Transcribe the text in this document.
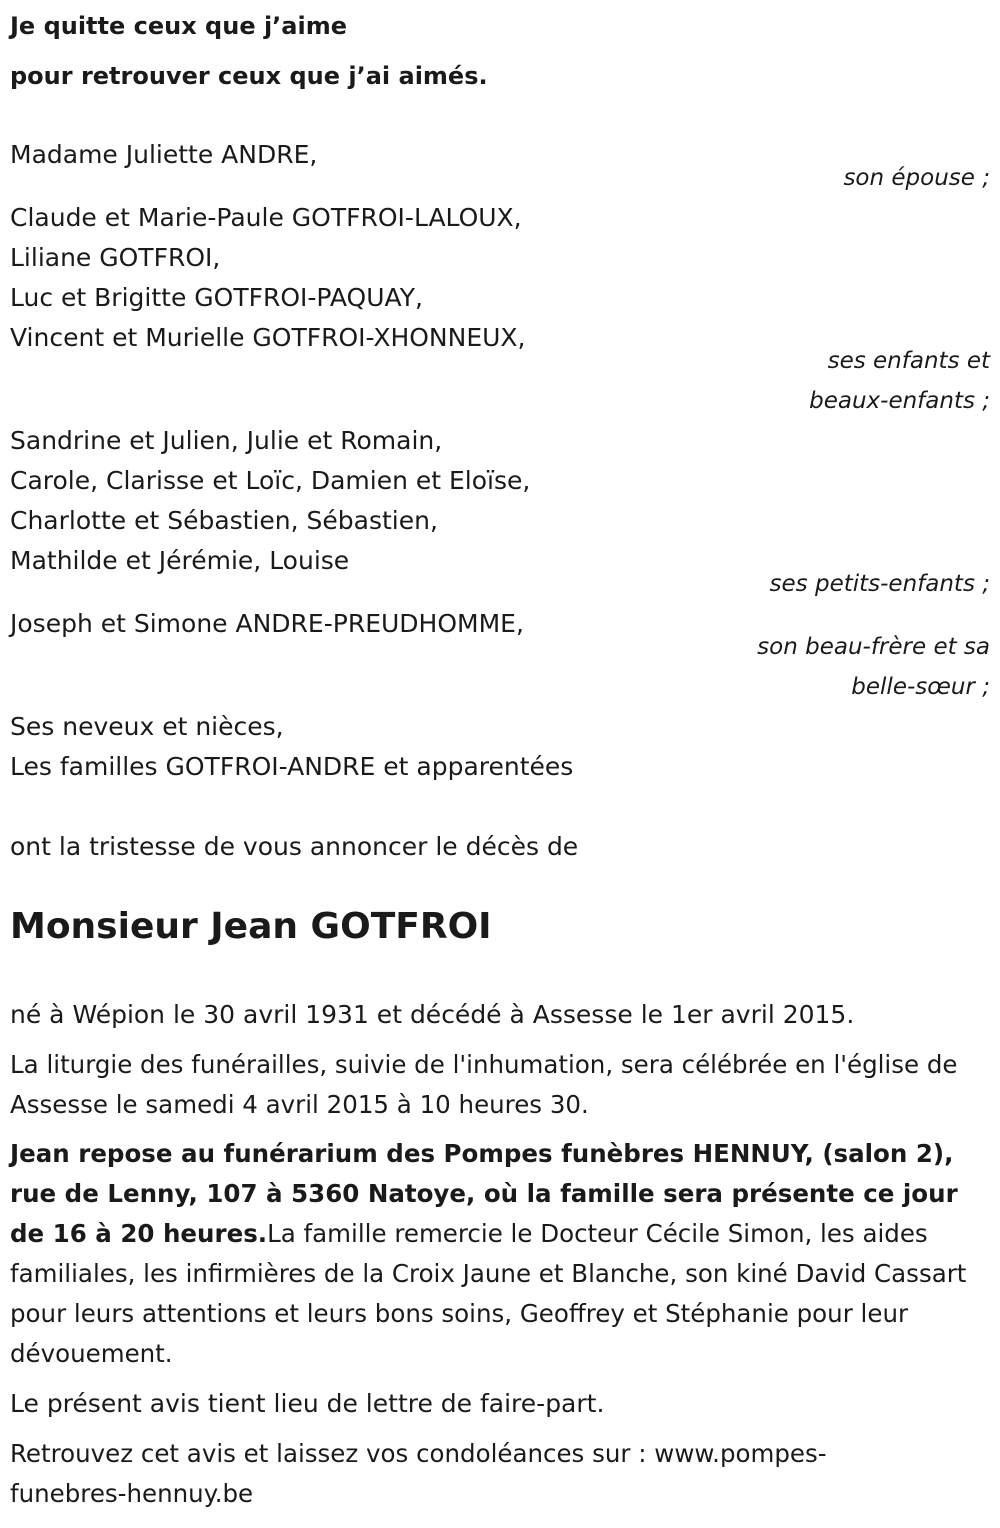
Je quitte ceux que j’aime
pour retrouver ceux que j’ai aimés.
Madame Juliette ANDRE,
son épouse ;
Claude et Marie-Paule GOTFROI-LALOUX,
Liliane GOTFROI,
Luc et Brigitte GOTFROI-PAQUAY,
Vincent et Murielle GOTFROI-XHONNEUX,
ses enfants et
beaux-enfants ;
Sandrine et Julien, Julie et Romain,
Carole, Clarisse et Loïc, Damien et Eloïse,
Charlotte et Sébastien, Sébastien,
Mathilde et Jérémie, Louise
ses petits-enfants ;
Joseph et Simone ANDRE-PREUDHOMME,
son beau-frère et sa
belle-sœur ;
Ses neveux et nièces,
Les familles GOTFROI-ANDRE et apparentées
ont la tristesse de vous annoncer le décès de
Monsieur Jean GOTFROI
né à Wépion le 30 avril 1931 et décédé à Assesse le 1er avril 2015.
La liturgie des funérailles, suivie de l'inhumation, sera célébrée en l'église de Assesse le samedi 4 avril 2015 à 10 heures 30.
Jean repose au funérarium des Pompes funèbres HENNUY, (salon 2), rue de Lenny, 107 à 5360 Natoye, où la famille sera présente ce jour de 16 à 20 heures.La famille remercie le Docteur Cécile Simon, les aides familiales, les infirmières de la Croix Jaune et Blanche, son kiné David Cassart pour leurs attentions et leurs bons soins, Geoffrey et Stéphanie pour leur dévouement.
Le présent avis tient lieu de lettre de faire-part.
Retrouvez cet avis et laissez vos condoléances sur : www.pompes-funebres-hennuy.be
